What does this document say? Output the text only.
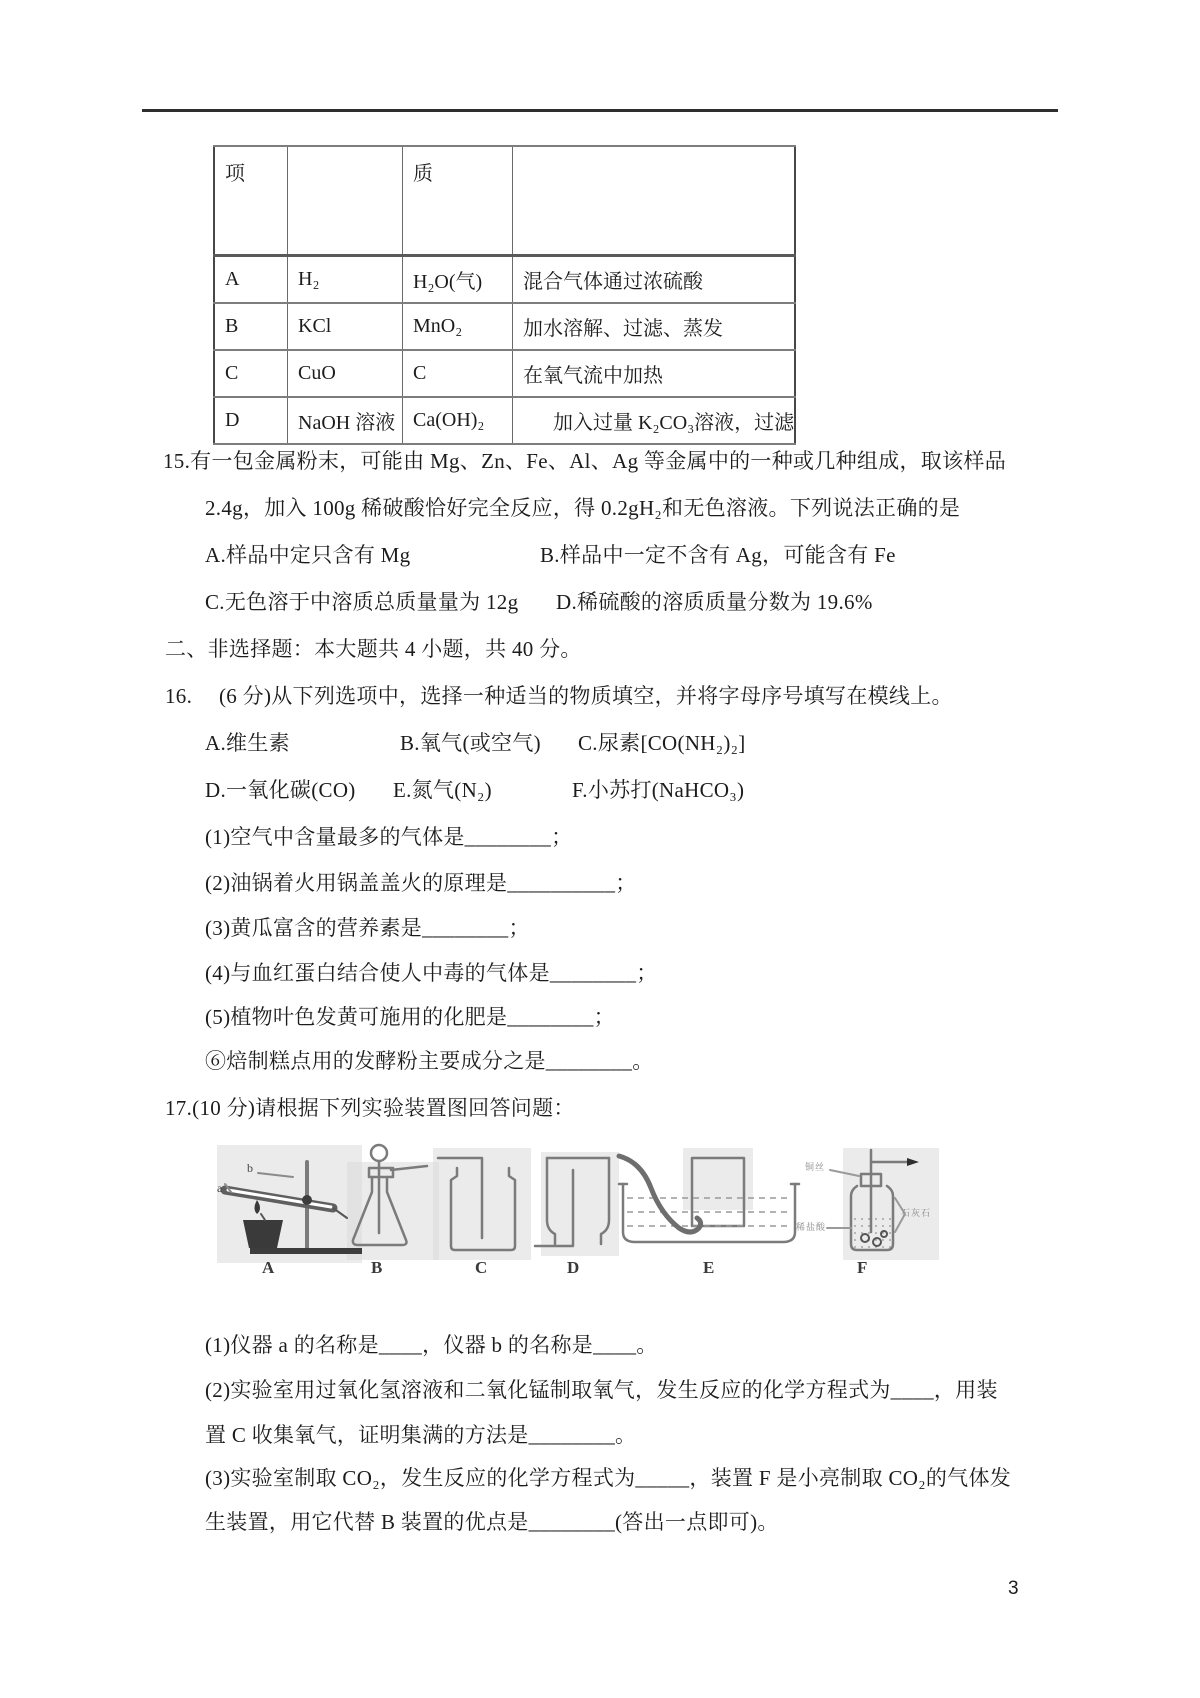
项		质	
A	H₂	H₂O(气)	混合气体通过浓硫酸
B	KCl	MnO₂	加水溶解、过滤、蒸发
C	CuO	C	在氧气流中加热
D	NaOH 溶液	Ca(OH)₂	加入过量 K₂CO₃溶液，过滤
15.有一包金属粉末，可能由 Mg、Zn、Fe、Al、Ag 等金属中的一种或几种组成，取该样品
2.4g，加入 100g 稀破酸恰好完全反应，得 0.2gH₂和无色溶液。下列说法正确的是
A.样品中定只含有 Mg	B.样品中一定不含有 Ag，可能含有 Fe
C.无色溶于中溶质总质量量为 12g D.稀硫酸的溶质质量分数为 19.6%
二、非选择题：本大题共 4 小题，共 40 分。
16.　 (6 分)从下列选项中，选择一种适当的物质填空，并将字母序号填写在模线上。
A.维生素	B.氧气(或空气) C.尿素[CO(NH₂)₂]
D.一氧化碳(CO) E.氮气(N₂)	F.小苏打(NaHCO₃)
(1)空气中含量最多的气体是________；
(2)油锅着火用锅盖盖火的原理是__________；
(3)黄瓜富含的营养素是________；
(4)与血红蛋白结合使人中毒的气体是________；
(5)植物叶色发黄可施用的化肥是________；
⑥焙制糕点用的发酵粉主要成分之是________。
17.(10 分)请根据下列实验装置图回答问题：
b
a
A	B	C	D	E	F
铜丝
稀盐酸
石灰石
(1)仪器 a 的名称是____，仪器 b 的名称是____。
(2)实验室用过氧化氢溶液和二氧化锰制取氧气，发生反应的化学方程式为____，用装
置 C 收集氧气，证明集满的方法是________。
(3)实验室制取 CO₂，发生反应的化学方程式为_____，装置 F 是小亮制取 CO₂的气体发
生装置，用它代替 B 装置的优点是________(答出一点即可)。
3
